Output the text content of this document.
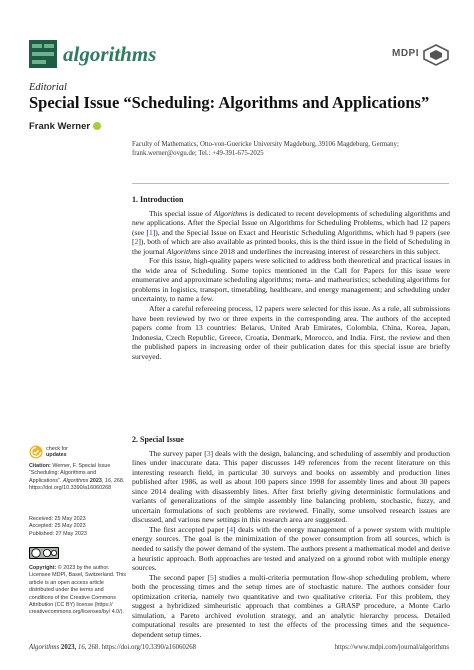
algorithms	MDPI
Editorial
Special Issue “Scheduling: Algorithms and Applications”
Frank Werner
Faculty of Mathematics, Otto-von-Guericke University Magdeburg, 39106 Magdeburg, Germany;
frank.werner@ovgu.de; Tel.: +49-391-675-2025
1. Introduction

This special issue of Algorithms is dedicated to recent developments of scheduling algorithms and new applications. After the Special Issue on Algorithms for Scheduling Problems, which had 12 papers (see [1]), and the Special Issue on Exact and Heuristic Scheduling Algorithms, which had 9 papers (see [2]), both of which are also available as printed books, this is the third issue in the field of Scheduling in the journal Algorithms since 2018 and underlines the increasing interest of researchers in this subject.

For this issue, high-quality papers were solicited to address both theoretical and practical issues in the wide area of Scheduling. Some topics mentioned in the Call for Papers for this issue were enumerative and approximate scheduling algorithms; meta- and matheuristics; scheduling algorithms for problems in logistics, transport, timetabling, healthcare, and energy management; and scheduling under uncertainty, to name a few.

After a careful refereeing process, 12 papers were selected for this issue. As a rule, all submissions have been reviewed by two or three experts in the corresponding area. The authors of the accepted papers come from 13 countries: Belarus, United Arab Emirates, Colombia, China, Korea, Japan, Indonesia, Czech Republic, Greece, Croatia, Denmark, Morocco, and India. First, the review and then the published papers in increasing order of their publication dates for this special issue are briefly surveyed.

2. Special Issue

The survey paper [3] deals with the design, balancing, and scheduling of assembly and production lines under inaccurate data. This paper discusses 149 references from the recent literature on this interesting research field, in particular 30 surveys and books on assembly and production lines published after 1986, as well as about 100 papers since 1998 for assembly lines and about 30 papers since 2014 dealing with disassembly lines. After first briefly giving deterministic formulations and variants of generalizations of the simple assembly line balancing problem, stochastic, fuzzy, and uncertain formulations of such problems are reviewed. Finally, some unsolved research issues are discussed, and various new settings in this research area are suggested.

The first accepted paper [4] deals with the energy management of a power system with multiple energy sources. The goal is the minimization of the power consumption from all sources, which is needed to satisfy the power demand of the system. The authors present a mathematical model and derive a heuristic approach. Both approaches are tested and analyzed on a ground robot with multiple energy sources.

The second paper [5] studies a multi-criteria permutation flow-shop scheduling problem, where both the processing times and the setup times are of stochastic nature. The authors consider four optimization criteria, namely two quantitative and two qualitative criteria. For this problem, they suggest a hybridized simheuristic approach that combines a GRASP procedure, a Monte Carlo simulation, a Pareto archived evolution strategy, and an analytic hierarchy process. Detailed computational results are presented to test the effects of the processing times and the sequence-dependent setup times.

check for
updates
Citation: Werner, F. Special Issue “Scheduling: Algorithms and Applications”. Algorithms 2023, 16, 268. https://doi.org/10.3390/a16060268
Received: 25 May 2023
Accepted: 25 May 2023
Published: 27 May 2023
Copyright: © 2023 by the author. Licensee MDPI, Basel, Switzerland. This article is an open access article distributed under the terms and conditions of the Creative Commons Attribution (CC BY) license (https:// creativecommons.org/licenses/by/ 4.0/).
Algorithms 2023, 16, 268. https://doi.org/10.3390/a16060268	https://www.mdpi.com/journal/algorithms
